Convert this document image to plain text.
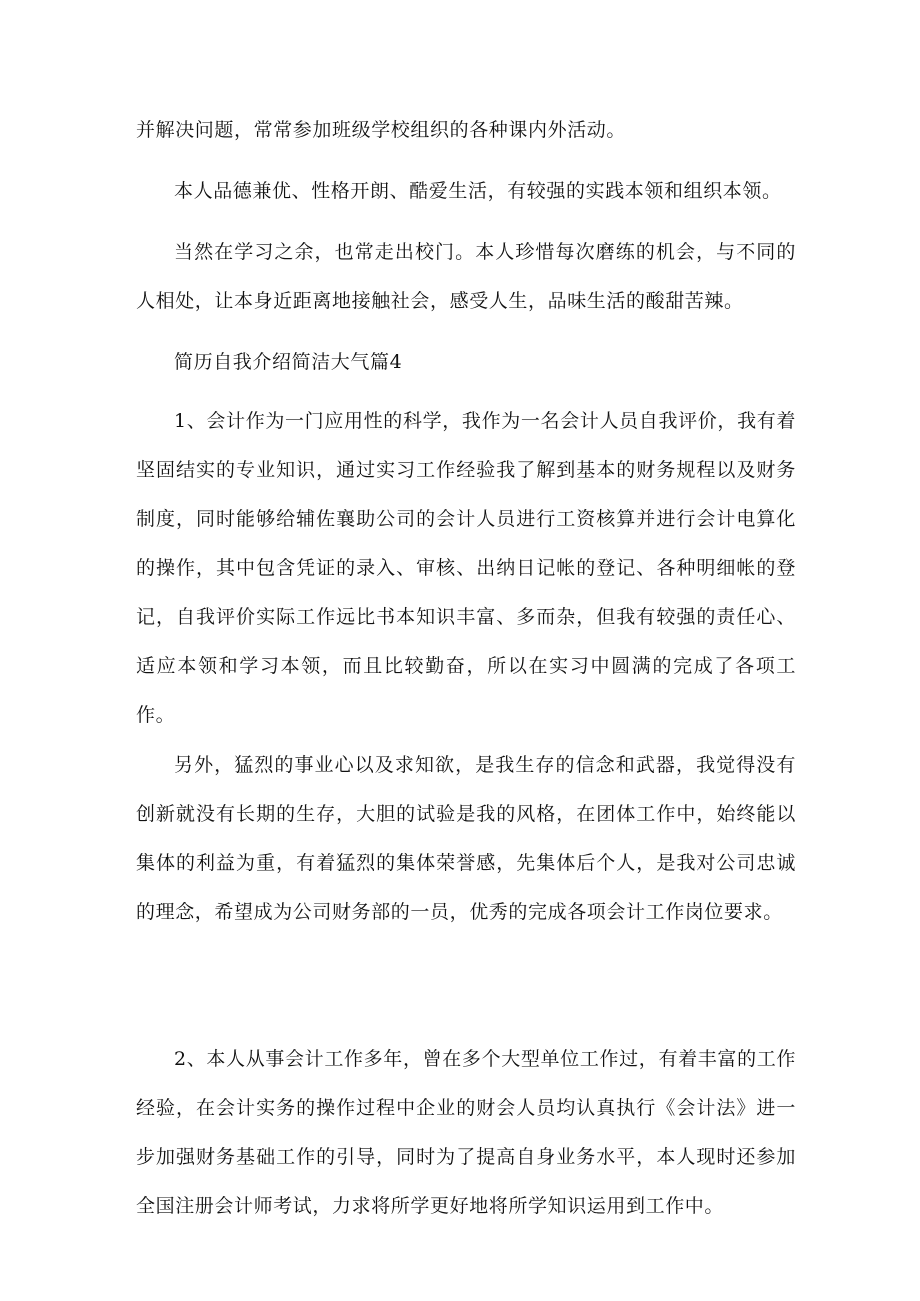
并解决问题，常常参加班级学校组织的各种课内外活动。

本人品德兼优、性格开朗、酷爱生活，有较强的实践本领和组织本领。

当然在学习之余，也常走出校门。本人珍惜每次磨练的机会，与不同的人相处，让本身近距离地接触社会，感受人生，品味生活的酸甜苦辣。

简历自我介绍简洁大气篇4

1、会计作为一门应用性的科学，我作为一名会计人员自我评价，我有着坚固结实的专业知识，通过实习工作经验我了解到基本的财务规程以及财务制度，同时能够给辅佐襄助公司的会计人员进行工资核算并进行会计电算化的操作，其中包含凭证的录入、审核、出纳日记帐的登记、各种明细帐的登记，自我评价实际工作远比书本知识丰富、多而杂，但我有较强的责任心、适应本领和学习本领，而且比较勤奋，所以在实习中圆满的完成了各项工作。

另外，猛烈的事业心以及求知欲，是我生存的信念和武器，我觉得没有创新就没有长期的生存，大胆的试验是我的风格，在团体工作中，始终能以集体的利益为重，有着猛烈的集体荣誉感，先集体后个人，是我对公司忠诚的理念，希望成为公司财务部的一员，优秀的完成各项会计工作岗位要求。

2、本人从事会计工作多年，曾在多个大型单位工作过，有着丰富的工作经验，在会计实务的操作过程中企业的财会人员均认真执行《会计法》进一步加强财务基础工作的引导，同时为了提高自身业务水平，本人现时还参加全国注册会计师考试，力求将所学更好地将所学知识运用到工作中。
